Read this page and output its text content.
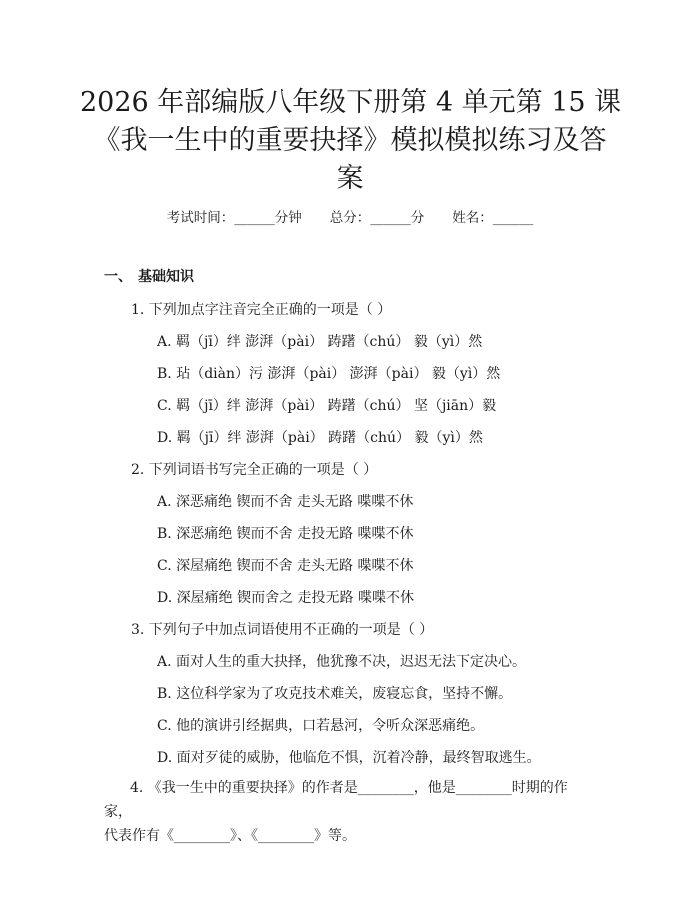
2026 年部编版八年级下册第 4 单元第 15 课
《我一生中的重要抉择》模拟模拟练习及答
案
考试时间：______分钟 总分：______分 姓名：______
一、 基础知识
1. 下列加点字注音完全正确的一项是（ ）
A. 羁（jī）绊 澎湃（pài） 踌躇（chú） 毅（yì）然
B. 玷（diàn）污 澎湃（pài） 澎湃（pài） 毅（yì）然
C. 羁（jī）绊 澎湃（pài） 踌躇（chú） 坚（jiān）毅
D. 羁（jī）绊 澎湃（pài） 踌躇（chú） 毅（yì）然
2. 下列词语书写完全正确的一项是（ ）
A. 深恶痛绝 锲而不舍 走头无路 喋喋不休
B. 深恶痛绝 锲而不舍 走投无路 喋喋不休
C. 深屋痛绝 锲而不舍 走头无路 喋喋不休
D. 深屋痛绝 锲而舍之 走投无路 喋喋不休
3. 下列句子中加点词语使用不正确的一项是（ ）
A. 面对人生的重大抉择，他犹豫不决，迟迟无法下定决心。
B. 这位科学家为了攻克技术难关，废寝忘食，坚持不懈。
C. 他的演讲引经据典，口若悬河，令听众深恶痛绝。
D. 面对歹徒的威胁，他临危不惧，沉着冷静，最终智取逃生。
4. 《我一生中的重要抉择》的作者是________，他是________时期的作家，
代表作有《________》、《________》等。
